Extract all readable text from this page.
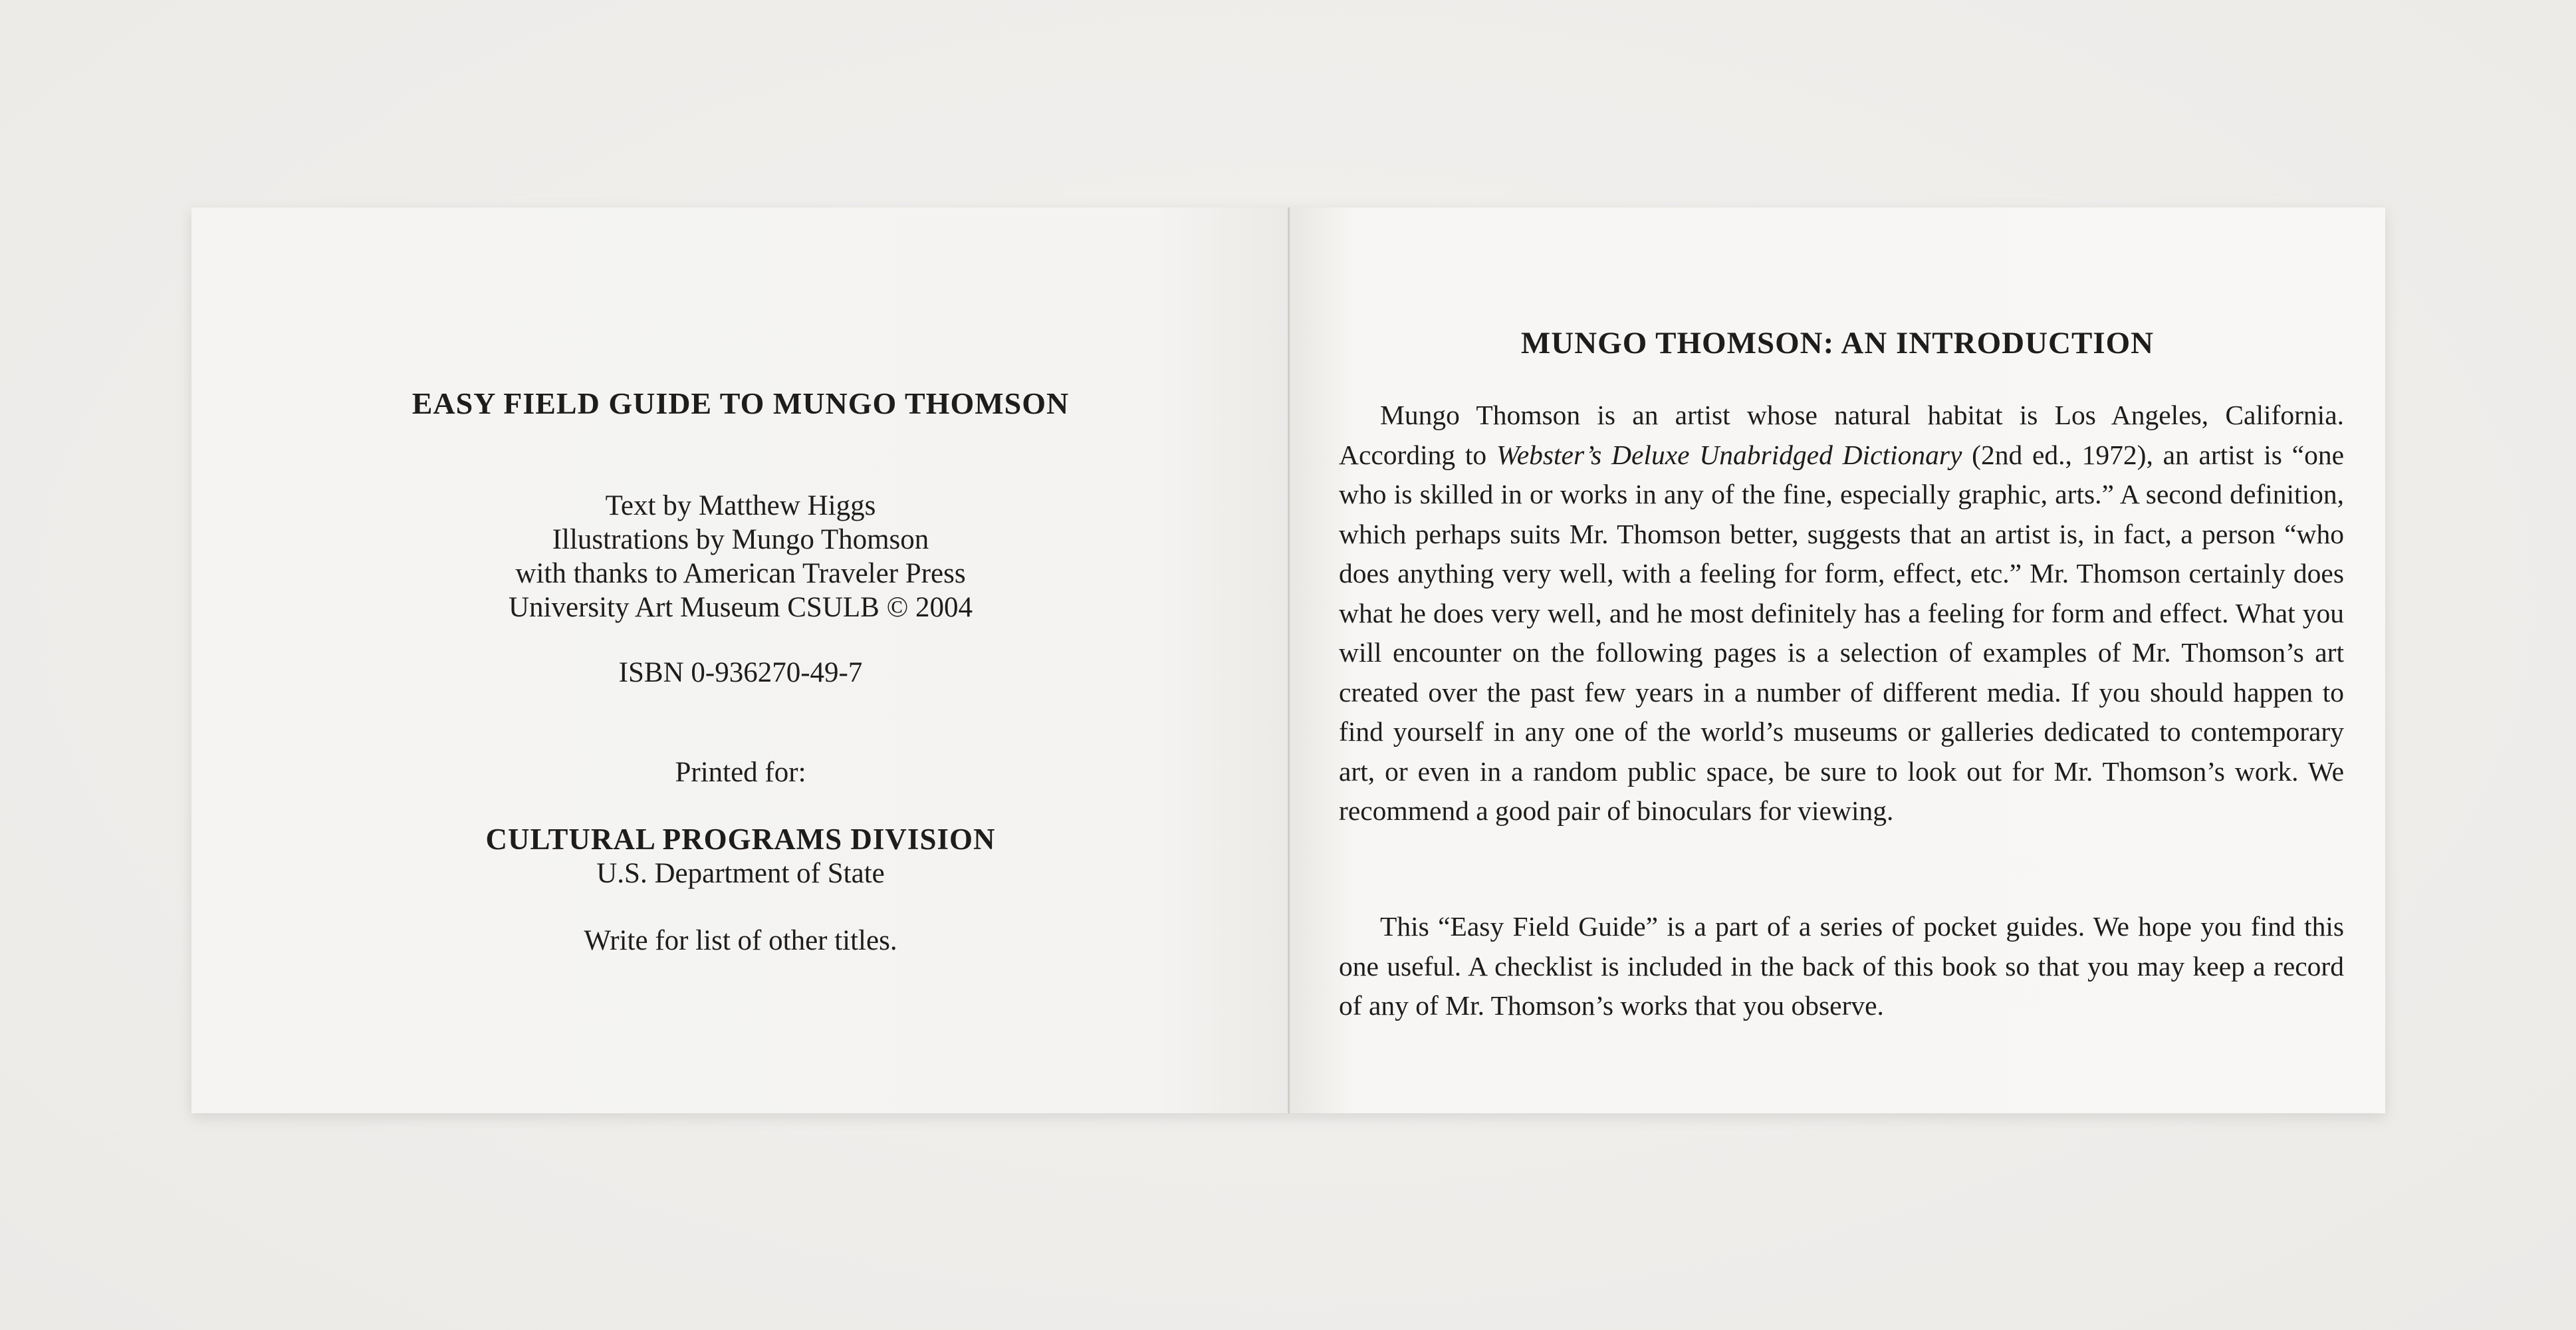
EASY FIELD GUIDE TO MUNGO THOMSON
Text by Matthew Higgs
Illustrations by Mungo Thomson
with thanks to American Traveler Press
University Art Museum CSULB © 2004
ISBN 0-936270-49-7
Printed for:
CULTURAL PROGRAMS DIVISION
U.S. Department of State
Write for list of other titles.
MUNGO THOMSON: AN INTRODUCTION

Mungo Thomson is an artist whose natural habitat is Los Angeles, California. According to Webster’s Deluxe Unabridged Dictionary (2nd ed., 1972), an artist is “one who is skilled in or works in any of the fine, especially graphic, arts.” A second definition, which perhaps suits Mr. Thomson better, suggests that an artist is, in fact, a person “who does anything very well, with a feeling for form, effect, etc.” Mr. Thomson certainly does what he does very well, and he most definitely has a feeling for form and effect. What you will encounter on the following pages is a selection of examples of Mr. Thomson’s art created over the past few years in a number of different media. If you should happen to find yourself in any one of the world’s museums or galleries dedicated to contemporary art, or even in a random public space, be sure to look out for Mr. Thomson’s work. We recommend a good pair of binoculars for viewing.

This “Easy Field Guide” is a part of a series of pocket guides. We hope you find this one useful. A checklist is included in the back of this book so that you may keep a record of any of Mr. Thomson’s works that you observe.
